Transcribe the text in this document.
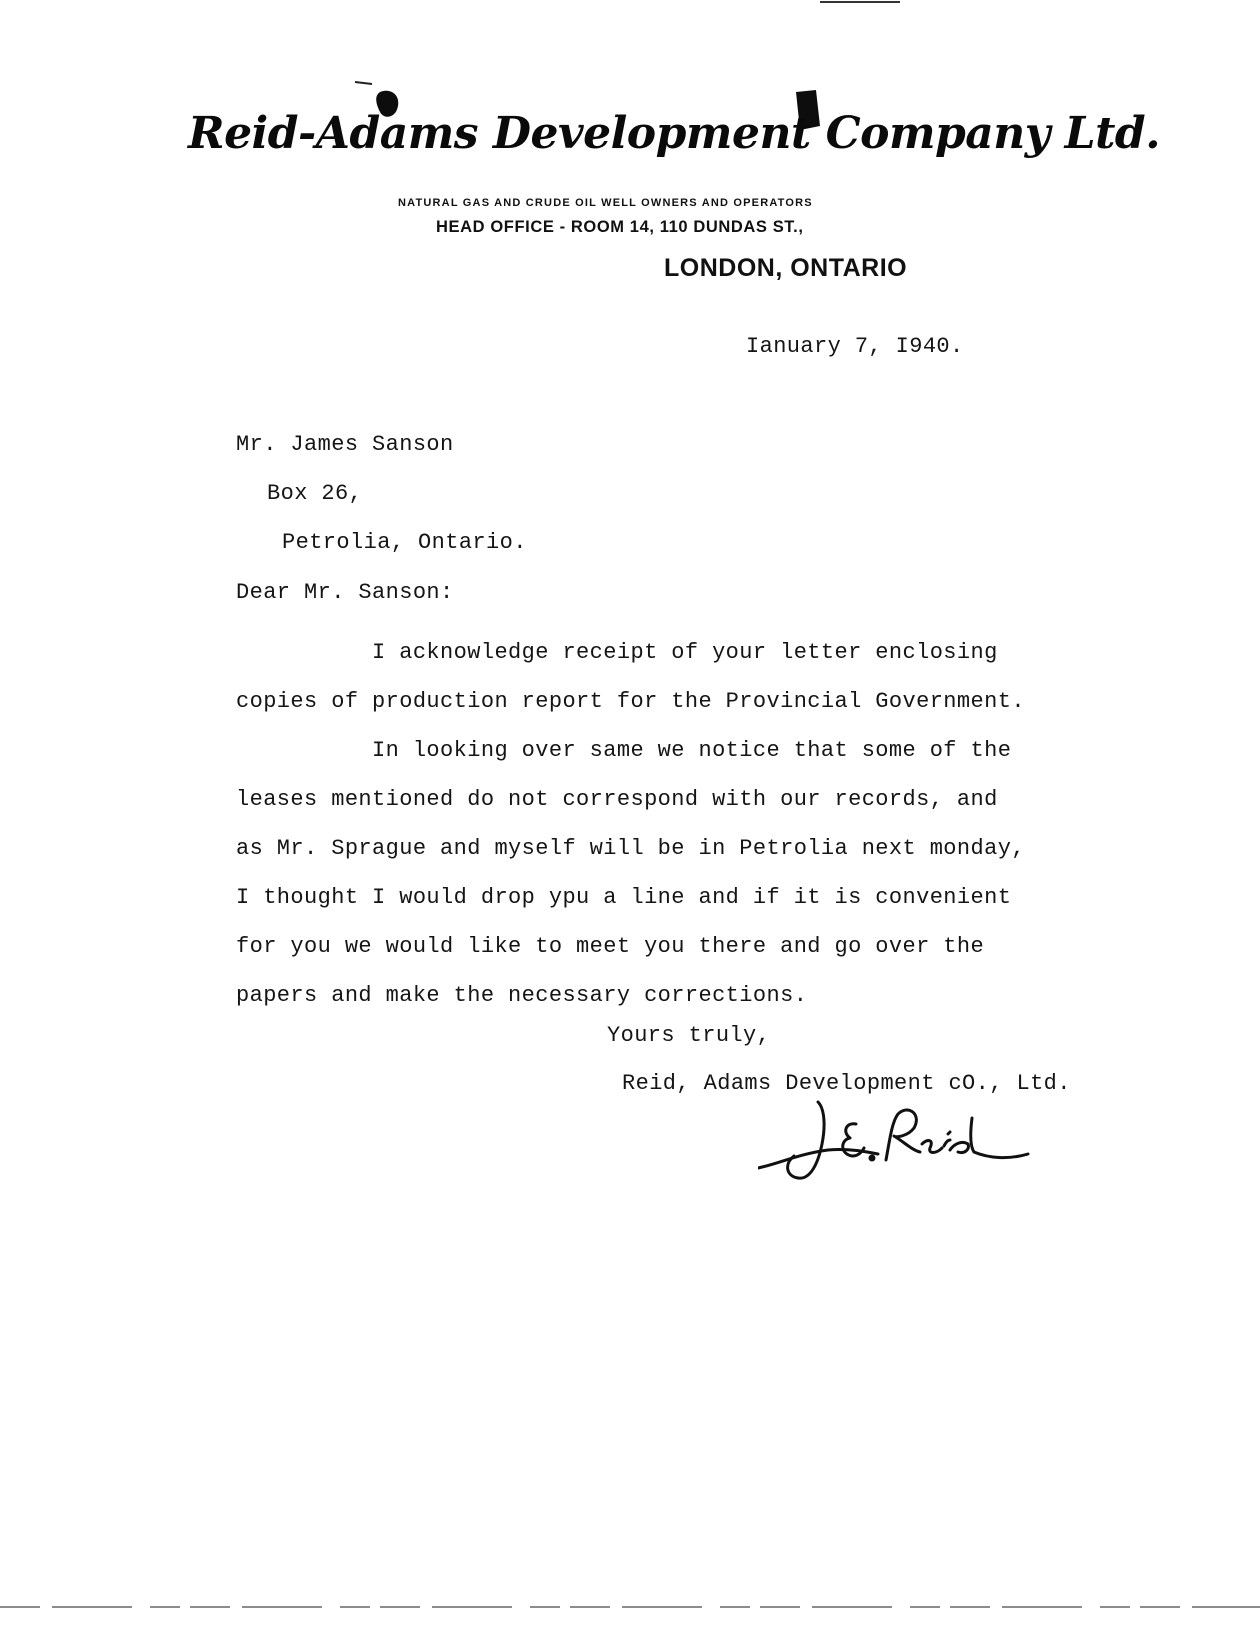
Reid-Adams Development Company Ltd.
NATURAL GAS AND CRUDE OIL WELL OWNERS AND OPERATORS
HEAD OFFICE - ROOM 14, 110 DUNDAS ST.,
LONDON, ONTARIO
Ianuary 7, I940.
Mr. James Sanson
Box 26,
Petrolia, Ontario.
Dear Mr. Sanson:
I acknowledge receipt of your letter enclosing
copies of production report for the Provincial Government.
In looking over same we notice that some of the
leases mentioned do not correspond with our records, and
as Mr. Sprague and myself will be in Petrolia next monday,
I thought I would drop ypu a line and if it is convenient
for you we would like to meet you there and go over the
papers and make the necessary corrections.
Yours truly,
Reid, Adams Development cO., Ltd.
